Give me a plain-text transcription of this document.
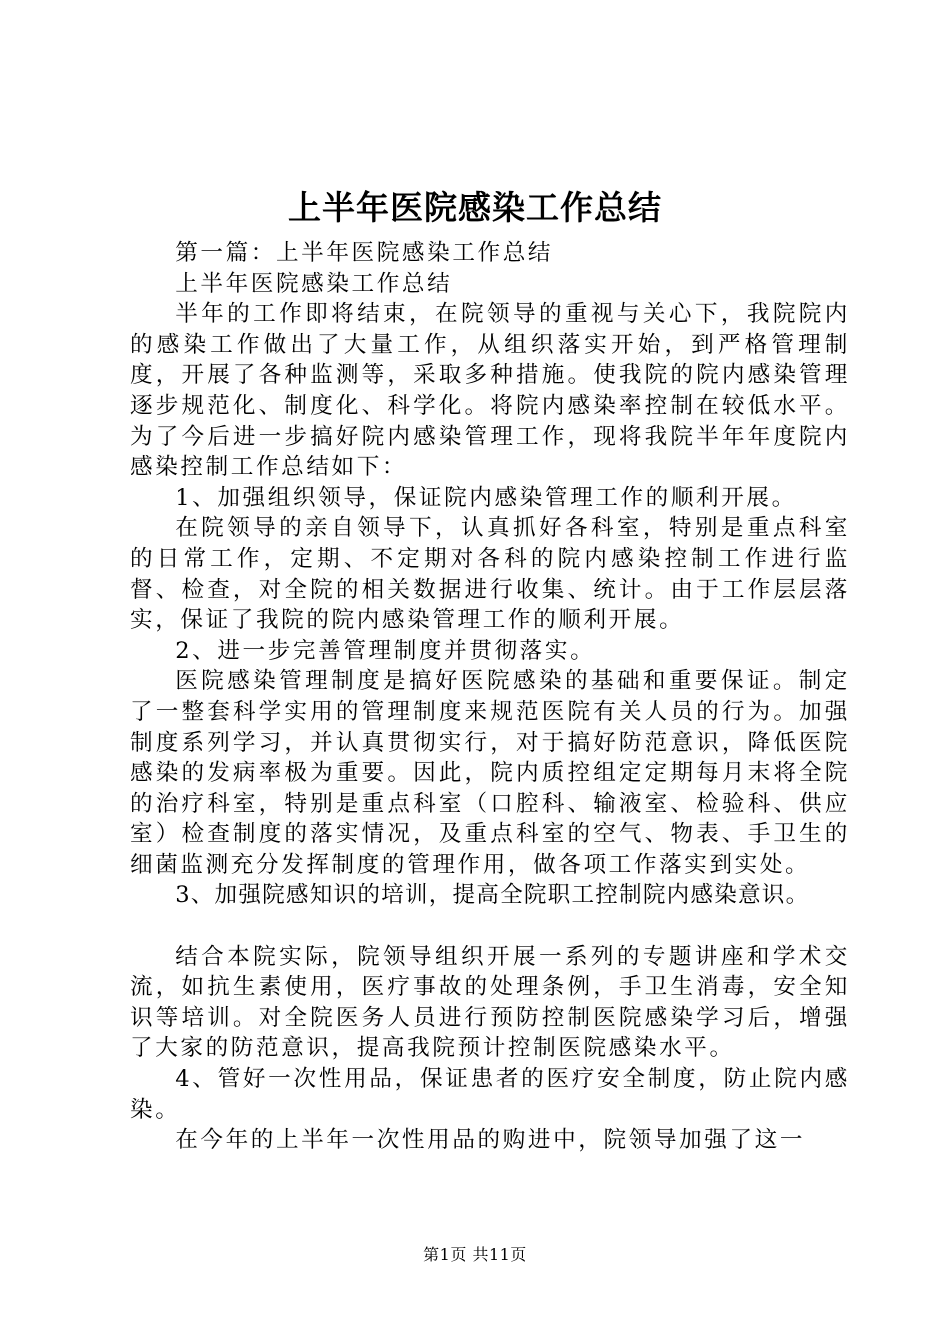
上半年医院感染工作总结

第一篇：上半年医院感染工作总结

上半年医院感染工作总结

半年的工作即将结束，在院领导的重视与关心下，我院院内的感染工作做出了大量工作，从组织落实开始，到严格管理制度，开展了各种监测等，采取多种措施。使我院的院内感染管理逐步规范化、制度化、科学化。将院内感染率控制在较低水平。为了今后进一步搞好院内感染管理工作，现将我院半年年度院内感染控制工作总结如下：

1、加强组织领导，保证院内感染管理工作的顺利开展。

在院领导的亲自领导下，认真抓好各科室，特别是重点科室的日常工作，定期、不定期对各科的院内感染控制工作进行监督、检查，对全院的相关数据进行收集、统计。由于工作层层落实，保证了我院的院内感染管理工作的顺利开展。

2、进一步完善管理制度并贯彻落实。

医院感染管理制度是搞好医院感染的基础和重要保证。制定了一整套科学实用的管理制度来规范医院有关人员的行为。加强制度系列学习，并认真贯彻实行，对于搞好防范意识，降低医院感染的发病率极为重要。因此，院内质控组定定期每月末将全院的治疗科室，特别是重点科室（口腔科、输液室、检验科、供应室）检查制度的落实情况，及重点科室的空气、物表、手卫生的细菌监测充分发挥制度的管理作用，做各项工作落实到实处。

3、加强院感知识的培训，提高全院职工控制院内感染意识。

结合本院实际，院领导组织开展一系列的专题讲座和学术交流，如抗生素使用，医疗事故的处理条例，手卫生消毒，安全知识等培训。对全院医务人员进行预防控制医院感染学习后，增强了大家的防范意识，提高我院预计控制医院感染水平。

4、管好一次性用品，保证患者的医疗安全制度，防止院内感染。

在今年的上半年一次性用品的购进中，院领导加强了这一

第1页 共11页
